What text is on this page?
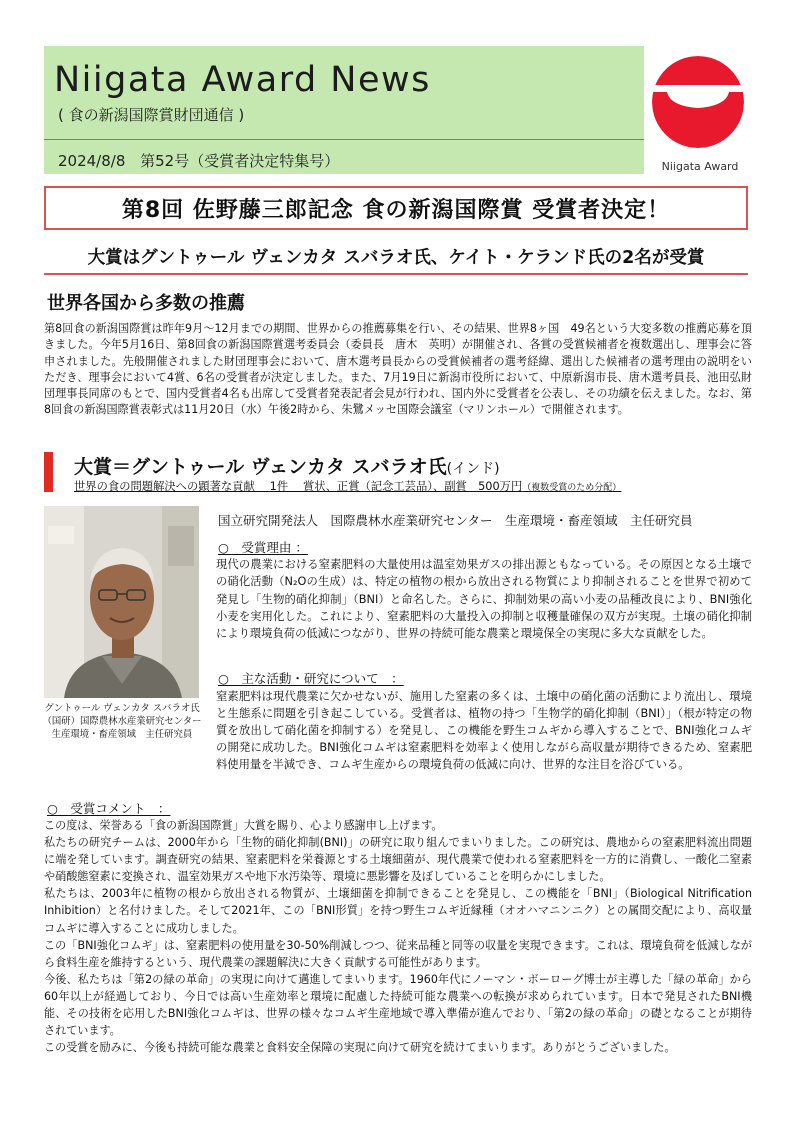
Niigata Award News
( 食の新潟国際賞財団通信 )
2024/8/8 第52号（受賞者決定特集号）	Niigata Award
第8回 佐野藤三郎記念 食の新潟国際賞 受賞者決定！
大賞はグントゥール ヴェンカタ スバラオ氏、ケイト・ケランド氏の2名が受賞
世界各国から多数の推薦
第8回食の新潟国際賞は昨年9月～12月までの期間、世界からの推薦募集を行い、その結果、世界8ヶ国　49名という大変多数の推薦応募を頂きました。今年5月16日、第8回食の新潟国際賞選考委員会（委員長　唐木　英明）が開催され、各賞の受賞候補者を複数選出し、理事会に答申されました。先般開催されました財団理事会において、唐木選考員長からの受賞候補者の選考経緯、選出した候補者の選考理由の説明をいただき、理事会において4賞、6名の受賞者が決定しました。また、7月19日に新潟市役所において、中原新潟市長、唐木選考員長、池田弘財団理事長同席のもとで、国内受賞者4名も出席して受賞者発表記者会見が行われ、国内外に受賞者を公表し、その功績を伝えました。なお、第8回食の新潟国際賞表彰式は11月20日（水）午後2時から、朱鷺メッセ国際会議室（マリンホール）で開催されます。
大賞＝グントゥール ヴェンカタ スバラオ氏(インド)
世界の食の問題解決への顕著な貢献　 1件　 賞状、正賞（記念工芸品）、副賞　500万円（複数受賞のため分配）
グントゥール ヴェンカタ スバラオ氏
（国研）国際農林水産業研究センター
生産環境・畜産領域　主任研究員
国立研究開発法人　国際農林水産業研究センター　生産環境・畜産領域　主任研究員
○　受賞理由 ：
現代の農業における窒素肥料の大量使用は温室効果ガスの排出源ともなっている。その原因となる土壌での硝化活動（N₂Oの生成）は、特定の植物の根から放出される物質により抑制されることを世界で初めて発見し「生物的硝化抑制」（BNI）と命名した。さらに、抑制効果の高い小麦の品種改良により、BNI強化小麦を実用化した。これにより、窒素肥料の大量投入の抑制と収穫量確保の双方が実現。土壌の硝化抑制により環境負荷の低減につながり、世界の持続可能な農業と環境保全の実現に多大な貢献をした。
○　主な活動・研究について　：
窒素肥料は現代農業に欠かせないが、施用した窒素の多くは、土壌中の硝化菌の活動により流出し、環境と生態系に問題を引き起こしている。受賞者は、植物の持つ「生物学的硝化抑制（BNI）」（根が特定の物質を放出して硝化菌を抑制する）を発見し、この機能を野生コムギから導入することで、BNI強化コムギの開発に成功した。BNI強化コムギは窒素肥料を効率よく使用しながら高収量が期待できるため、窒素肥料使用量を半減でき、コムギ生産からの環境負荷の低減に向け、世界的な注目を浴びている。
○　受賞コメント　：

この度は、栄誉ある「食の新潟国際賞」大賞を賜り、心より感謝申し上げます。

私たちの研究チームは、2000年から「生物的硝化抑制(BNI)」の研究に取り組んでまいりました。この研究は、農地からの窒素肥料流出問題に端を発しています。調査研究の結果、窒素肥料を栄養源とする土壌細菌が、現代農業で使われる窒素肥料を一方的に消費し、一酸化二窒素や硝酸態窒素に変換され、温室効果ガスや地下水汚染等、環境に悪影響を及ぼしていることを明らかにしました。

私たちは、2003年に植物の根から放出される物質が、土壌細菌を抑制できることを発見し、この機能を「BNI」（Biological Nitrification Inhibition）と名付けました。そして2021年、この「BNI形質」を持つ野生コムギ近縁種（オオハマニンニク）との属間交配により、高収量コムギに導入することに成功しました。

この「BNI強化コムギ」は、窒素肥料の使用量を30-50%削減しつつ、従来品種と同等の収量を実現できます。これは、環境負荷を低減しながら食料生産を維持するという、現代農業の課題解決に大きく貢献する可能性があります。

今後、私たちは「第2の緑の革命」の実現に向けて邁進してまいります。1960年代にノーマン・ボーローグ博士が主導した「緑の革命」から60年以上が経過しており、今日では高い生産効率と環境に配慮した持続可能な農業への転換が求められています。日本で発見されたBNI機能、その技術を応用したBNI強化コムギは、世界の様々なコムギ生産地域で導入準備が進んでおり、「第2の緑の革命」の礎となることが期待されています。

この受賞を励みに、今後も持続可能な農業と食料安全保障の実現に向けて研究を続けてまいります。ありがとうございました。
